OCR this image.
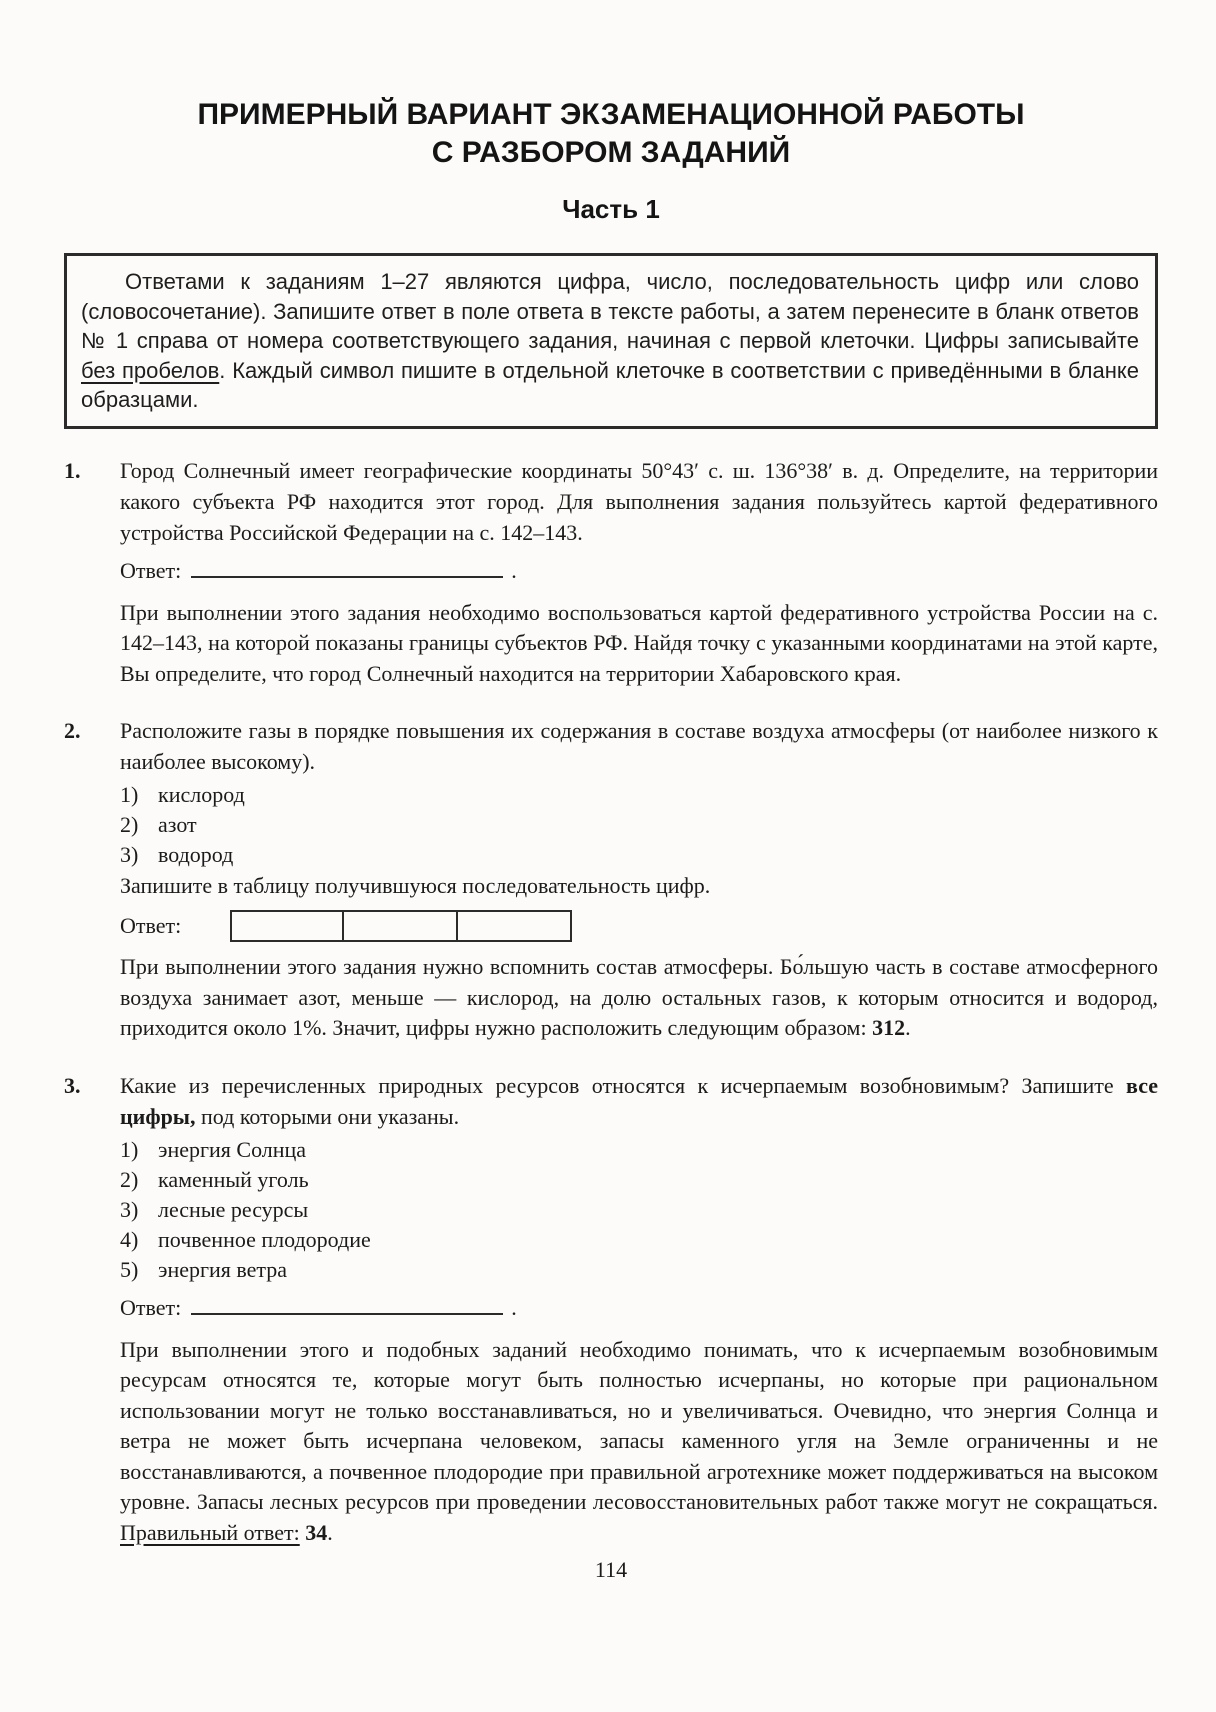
ПРИМЕРНЫЙ ВАРИАНТ ЭКЗАМЕНАЦИОННОЙ РАБОТЫ
С РАЗБОРОМ ЗАДАНИЙ
Часть 1

Ответами к заданиям 1–27 являются цифра, число, последовательность цифр или слово (словосочетание). Запишите ответ в поле ответа в тексте работы, а затем перенесите в бланк ответов № 1 справа от номера соответствующего задания, начиная с первой клеточки. Цифры записывайте без пробелов. Каждый символ пишите в отдельной клеточке в соответствии с приведёнными в бланке образцами.

1.	Город Солнечный имеет географические координаты 50°43′ с. ш. 136°38′ в. д. Определите, на территории какого субъекта РФ находится этот город. Для выполнения задания пользуйтесь картой федеративного устройства Российской Федерации на с. 142–143.

Ответ:	.

При выполнении этого задания необходимо воспользоваться картой федеративного устройства России на с. 142–143, на которой показаны границы субъектов РФ. Найдя точку с указанными координатами на этой карте, Вы определите, что город Солнечный находится на территории Хабаровского края.

2.	Расположите газы в порядке повышения их содержания в составе воздуха атмосферы (от наиболее низкого к наиболее высокому).

1) кислород
2) азот
3) водород

Запишите в таблицу получившуюся последовательность цифр.

Ответ:

При выполнении этого задания нужно вспомнить состав атмосферы. Бо́льшую часть в составе атмосферного воздуха занимает азот, меньше — кислород, на долю остальных газов, к которым относится и водород, приходится около 1%. Значит, цифры нужно расположить следующим образом: 312.

3.	Какие из перечисленных природных ресурсов относятся к исчерпаемым возобновимым? Запишите все цифры, под которыми они указаны.

1) энергия Солнца
2) каменный уголь
3) лесные ресурсы
4) почвенное плодородие
5) энергия ветра
Ответ:	.

При выполнении этого и подобных заданий необходимо понимать, что к исчерпаемым возобновимым ресурсам относятся те, которые могут быть полностью исчерпаны, но которые при рациональном использовании могут не только восстанавливаться, но и увеличиваться. Очевидно, что энергия Солнца и ветра не может быть исчерпана человеком, запасы каменного угля на Земле ограниченны и не восстанавливаются, а почвенное плодородие при правильной агротехнике может поддерживаться на высоком уровне. Запасы лесных ресурсов при проведении лесовосстановительных работ также могут не сокращаться. Правильный ответ: 34.

114
